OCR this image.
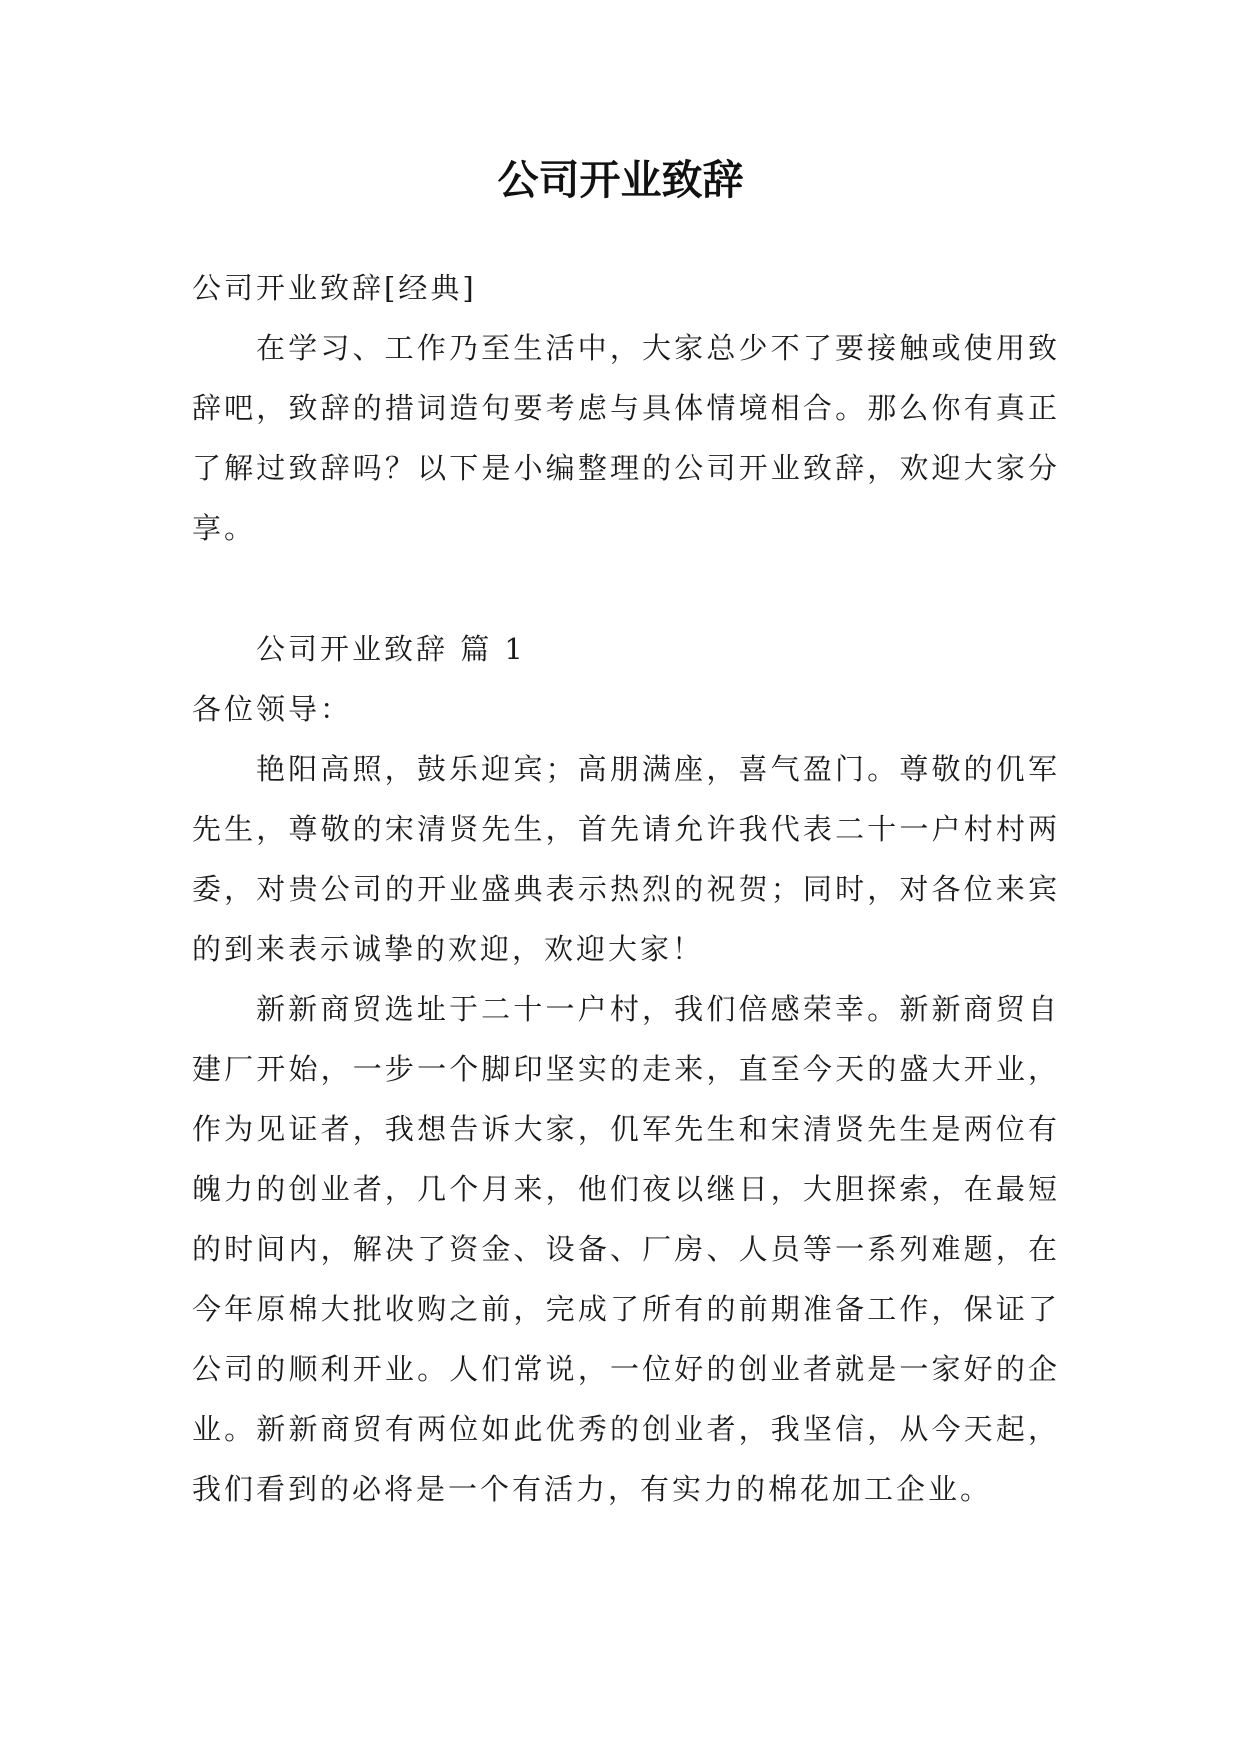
公司开业致辞

公司开业致辞[经典]

在学习、工作乃至生活中，大家总少不了要接触或使用致辞吧，致辞的措词造句要考虑与具体情境相合。那么你有真正了解过致辞吗？以下是小编整理的公司开业致辞，欢迎大家分享。

公司开业致辞 篇 1

各位领导：

艳阳高照，鼓乐迎宾；高朋满座，喜气盈门。尊敬的仉军先生，尊敬的宋清贤先生，首先请允许我代表二十一户村村两委，对贵公司的开业盛典表示热烈的祝贺；同时，对各位来宾的到来表示诚挚的欢迎，欢迎大家！

新新商贸选址于二十一户村，我们倍感荣幸。新新商贸自建厂开始，一步一个脚印坚实的走来，直至今天的盛大开业，作为见证者，我想告诉大家，仉军先生和宋清贤先生是两位有魄力的创业者，几个月来，他们夜以继日，大胆探索，在最短的时间内，解决了资金、设备、厂房、人员等一系列难题，在今年原棉大批收购之前，完成了所有的前期准备工作，保证了公司的顺利开业。人们常说，一位好的创业者就是一家好的企业。新新商贸有两位如此优秀的创业者，我坚信，从今天起，我们看到的必将是一个有活力，有实力的棉花加工企业。
